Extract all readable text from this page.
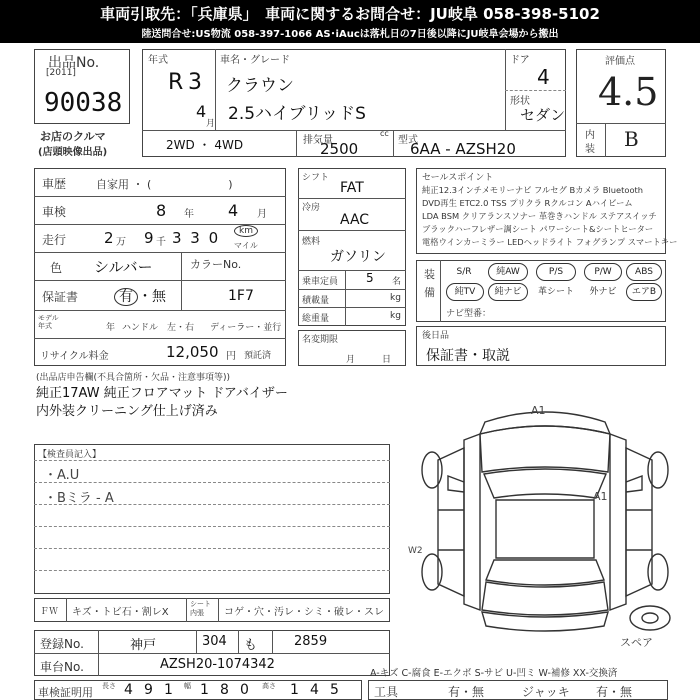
車両引取先：「兵庫県」　車両に関するお問合せ：JU岐阜 058-398-5102
陸送問合せ:US物流 058-397-1066 AS･iAucは落札日の7日後以降にJU岐阜会場から搬出
出品No.
[2011]
90038
お店のクルマ
(店頭映像出品)
年式
R 3
4
月
車名・グレード
クラウン
2.5ハイブリッドS
ドア
4
形状
セダン
2WD ・ 4WD	排気量
cc
2500	型式
6AA - AZSH20
評価点
4.5
内
装 B
車歴	自家用 ・ (　　　　　　　)
車検	8 年 4 月
走行	2 万 9 千 3 3 0	km
マイル
色 シルバー	カラーNo.
1F7
保証書	有 ・無
モデル
年式	年 ハンドル　左・右 ディーラー・並行
リサイクル料金	12,050 円 預託済
シフト
FAT
冷房
AAC
燃料
ガソリン
乗車定員 5 名
積載量	kg
総重量	kg
名変期限
月　　　日
セールスポイント
純正12.3インチメモリーナビ フルセグ Bカメラ Bluetooth
DVD再生 ETC2.0 TSS プリクラ Rクルコン Aハイビーム
LDA BSM クリアランスソナー 革巻きハンドル ステアスイッチ
ブラックハーフレザー調シート パワーシート&シートヒーター
電格ウインカーミラー LEDヘッドライト フォグランプ スマートキー
装
備
S/R	純AW	P/S	P/W	ABS
純TV	純ナビ	革シート	外ナビ	エアB
ナビ型番：
後日品
保証書・取説
(出品店申告欄(不具合箇所・欠品・注意事項等))
純正17AW 純正フロアマット ドアバイザー
内外装クリーニング仕上げ済み
【検査員記入】
・A.U
・Bミラ - A
A1
A1
W2
スペア
ＦＷ キズ・トビ石・割レX
シート
内張	コゲ・穴・汚レ・シミ・破レ・スレ
登録No.	神戸	304 も	2859
車台No.	AZSH20-1074342
A-キズ C-腐食 E-エクボ S-サビ U-凹ミ W-補修 XX-交換済
車検証明用 長さ 4 9 1 幅 1 8 0 高さ 1 4 5	工具	有・無	ジャッキ 有・無
